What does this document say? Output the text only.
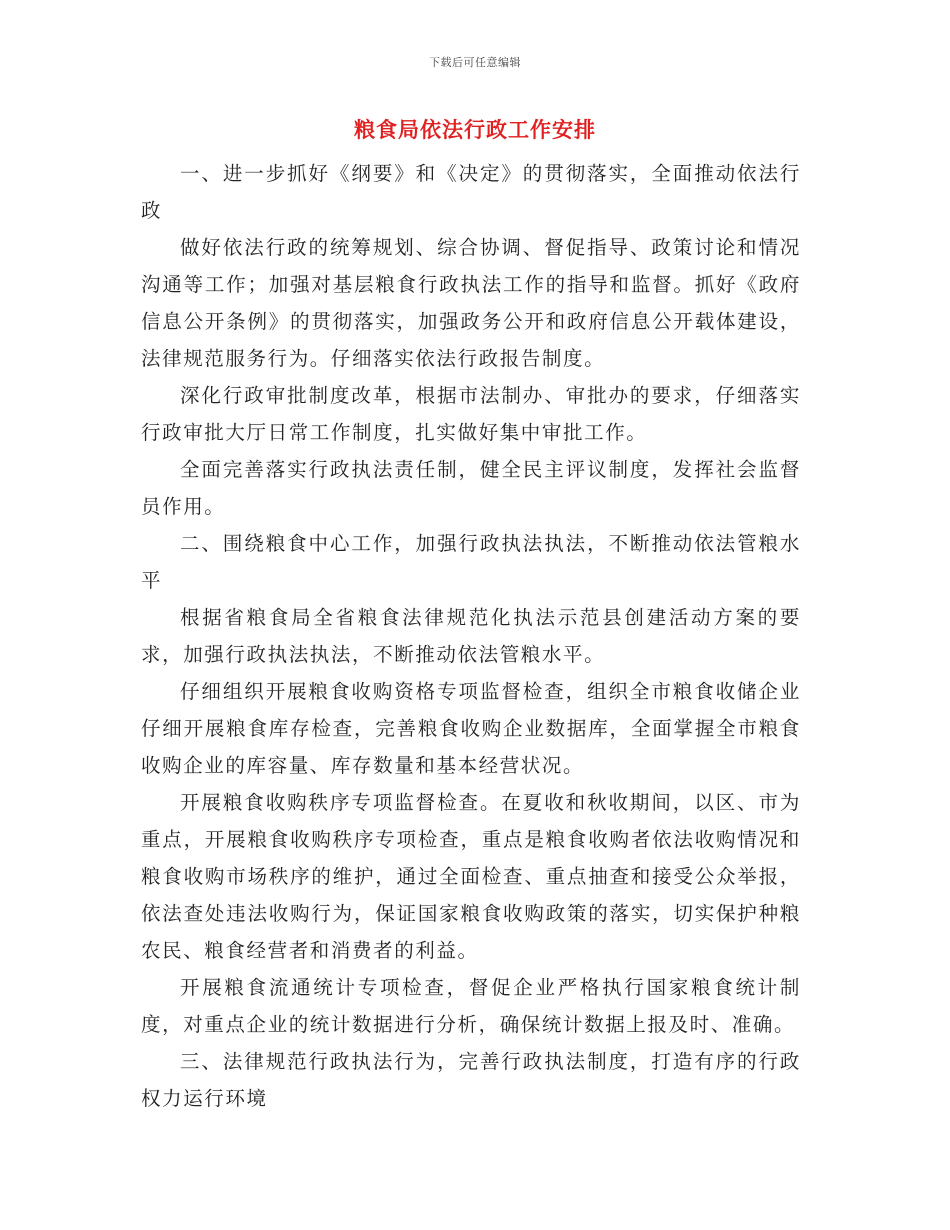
下载后可任意编辑
粮食局依法行政工作安排

一、进一步抓好《纲要》和《决定》的贯彻落实，全面推动依法行政

做好依法行政的统筹规划、综合协调、督促指导、政策讨论和情况沟通等工作；加强对基层粮食行政执法工作的指导和监督。抓好《政府信息公开条例》的贯彻落实，加强政务公开和政府信息公开载体建设，法律规范服务行为。仔细落实依法行政报告制度。

深化行政审批制度改革，根据市法制办、审批办的要求，仔细落实行政审批大厅日常工作制度，扎实做好集中审批工作。

全面完善落实行政执法责任制，健全民主评议制度，发挥社会监督员作用。

二、围绕粮食中心工作，加强行政执法执法，不断推动依法管粮水平

根据省粮食局全省粮食法律规范化执法示范县创建活动方案的要求，加强行政执法执法，不断推动依法管粮水平。

仔细组织开展粮食收购资格专项监督检查，组织全市粮食收储企业仔细开展粮食库存检查，完善粮食收购企业数据库，全面掌握全市粮食收购企业的库容量、库存数量和基本经营状况。

开展粮食收购秩序专项监督检查。在夏收和秋收期间，以区、市为重点，开展粮食收购秩序专项检查，重点是粮食收购者依法收购情况和粮食收购市场秩序的维护，通过全面检查、重点抽查和接受公众举报，依法查处违法收购行为，保证国家粮食收购政策的落实，切实保护种粮农民、粮食经营者和消费者的利益。

开展粮食流通统计专项检查，督促企业严格执行国家粮食统计制度，对重点企业的统计数据进行分析，确保统计数据上报及时、准确。

三、法律规范行政执法行为，完善行政执法制度，打造有序的行政权力运行环境
